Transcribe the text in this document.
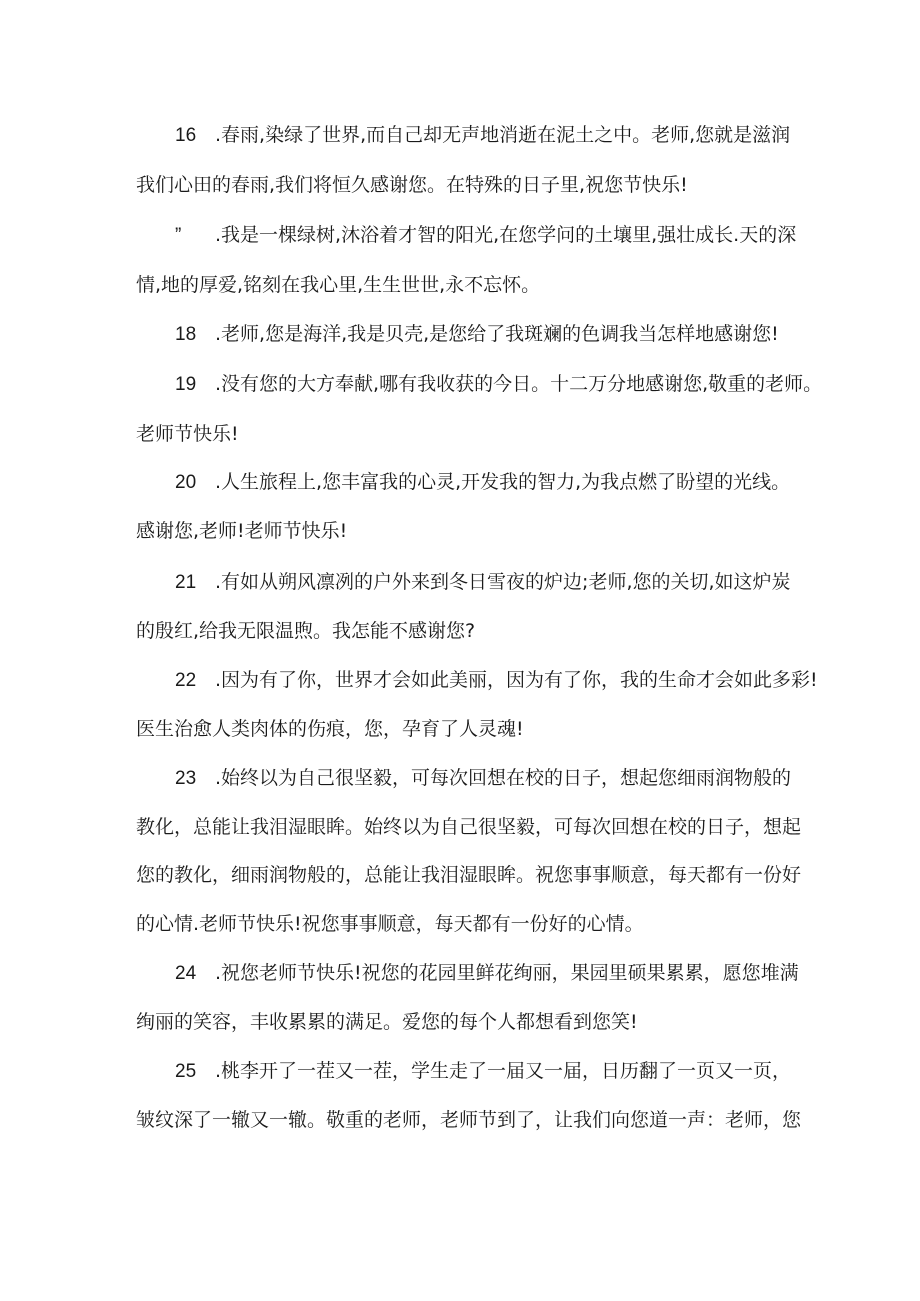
16 .春雨,染绿了世界,而自己却无声地消逝在泥土之中。老师,您就是滋润
我们心田的春雨,我们将恒久感谢您。在特殊的日子里,祝您节快乐!
” .我是一棵绿树,沐浴着才智的阳光,在您学问的土壤里,强壮成长.天的深
情,地的厚爱,铭刻在我心里,生生世世,永不忘怀。
18 .老师,您是海洋,我是贝壳,是您给了我斑斓的色调我当怎样地感谢您!
19 .没有您的大方奉献,哪有我收获的今日。十二万分地感谢您,敬重的老师。
老师节快乐!
20 .人生旅程上,您丰富我的心灵,开发我的智力,为我点燃了盼望的光线。
感谢您,老师!老师节快乐!
21 .有如从朔风凛冽的户外来到冬日雪夜的炉边;老师,您的关切,如这炉炭
的殷红,给我无限温煦。我怎能不感谢您?
22 .因为有了你，世界才会如此美丽，因为有了你，我的生命才会如此多彩!
医生治愈人类肉体的伤痕，您，孕育了人灵魂!
23 .始终以为自己很坚毅，可每次回想在校的日子，想起您细雨润物般的
教化，总能让我泪湿眼眸。始终以为自己很坚毅，可每次回想在校的日子，想起
您的教化，细雨润物般的，总能让我泪湿眼眸。祝您事事顺意，每天都有一份好
的心情.老师节快乐!祝您事事顺意，每天都有一份好的心情。
24 .祝您老师节快乐!祝您的花园里鲜花绚丽，果园里硕果累累，愿您堆满
绚丽的笑容，丰收累累的满足。爱您的每个人都想看到您笑!
25 .桃李开了一茬又一茬，学生走了一届又一届，日历翻了一页又一页，
皱纹深了一辙又一辙。敬重的老师，老师节到了，让我们向您道一声：老师，您
